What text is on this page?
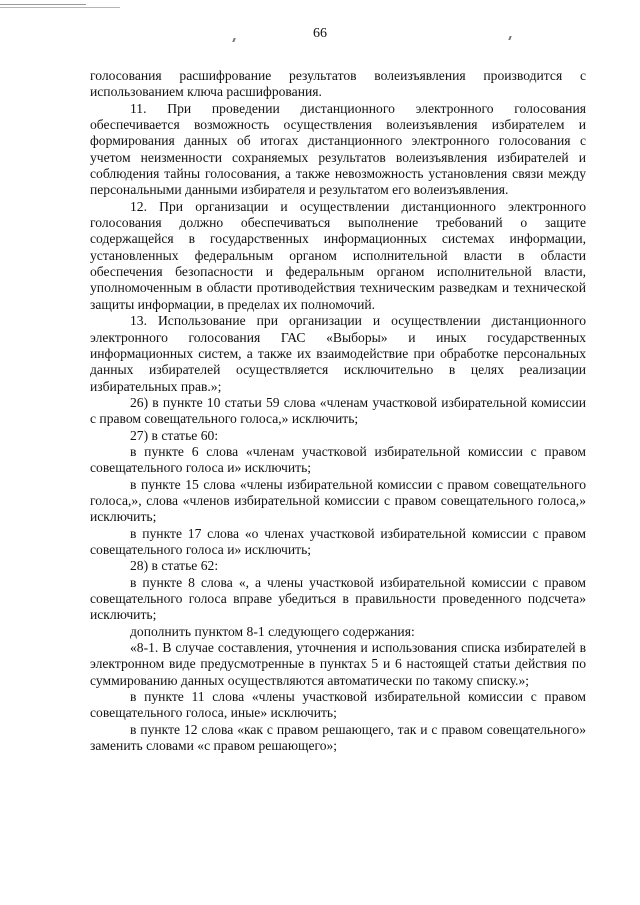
66

голосования расшифрование результатов волеизъявления производится с использованием ключа расшифрования.

11. При проведении дистанционного электронного голосования обеспечивается возможность осуществления волеизъявления избирателем и формирования данных об итогах дистанционного электронного голосования с учетом неизменности сохраняемых результатов волеизъявления избирателей и соблюдения тайны голосования, а также невозможность установления связи между персональными данными избирателя и результатом его волеизъявления.

12. При организации и осуществлении дистанционного электронного голосования должно обеспечиваться выполнение требований о защите содержащейся в государственных информационных системах информации, установленных федеральным органом исполнительной власти в области обеспечения безопасности и федеральным органом исполнительной власти, уполномоченным в области противодействия техническим разведкам и технической защиты информации, в пределах их полномочий.

13. Использование при организации и осуществлении дистанционного электронного голосования ГАС «Выборы» и иных государственных информационных систем, а также их взаимодействие при обработке персональных данных избирателей осуществляется исключительно в целях реализации избирательных прав.»;

26) в пункте 10 статьи 59 слова «членам участковой избирательной комиссии с правом совещательного голоса,» исключить;

27) в статье 60:

в пункте 6 слова «членам участковой избирательной комиссии с правом совещательного голоса и» исключить;

в пункте 15 слова «члены избирательной комиссии с правом совещательного голоса,», слова «членов избирательной комиссии с правом совещательного голоса,» исключить;

в пункте 17 слова «о членах участковой избирательной комиссии с правом совещательного голоса и» исключить;

28) в статье 62:

в пункте 8 слова «, а члены участковой избирательной комиссии с правом совещательного голоса вправе убедиться в правильности проведенного подсчета» исключить;

дополнить пунктом 8-1 следующего содержания:

«8-1. В случае составления, уточнения и использования списка избирателей в электронном виде предусмотренные в пунктах 5 и 6 настоящей статьи действия по суммированию данных осуществляются автоматически по такому списку.»;

в пункте 11 слова «члены участковой избирательной комиссии с правом совещательного голоса, иные» исключить;

в пункте 12 слова «как с правом решающего, так и с правом совещательного» заменить словами «с правом решающего»;
